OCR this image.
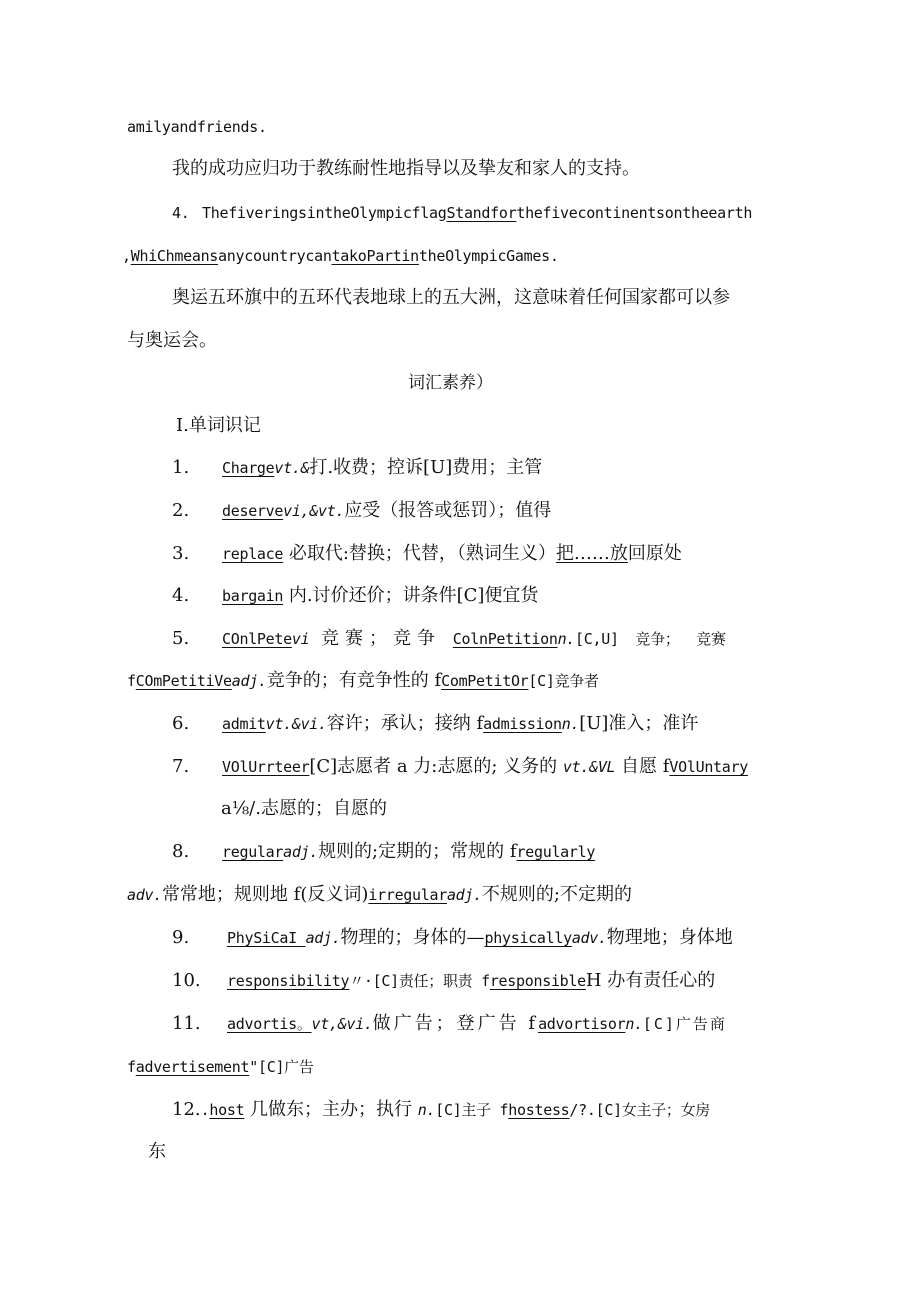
amilyandfriends.
我的成功应归功于教练耐性地指导以及挚友和家人的支持。
4. ThefiveringsintheOlympicflagStandforthefivecontinentsontheearth
,WhiChmeansanycountrycantakoPartintheOlympicGames.
奥运五环旗中的五环代表地球上的五大洲，这意味着任何国家都可以参
与奥运会。
词汇素养）
I.单词识记
1. Chargevt.&打.收费；控诉[U]费用；主管
2. deservevi,&vt.应受（报答或惩罚）；值得
3. replace 必取代:替换；代替，（熟词生义）把……放回原处
4. bargain 内.讨价还价；讲条件[C]便宜货
5. COnlPetevi 竞赛；竞争 ColnPetitionn.[C,U] 竞争； 竞赛
fCOmPetitiVeadj.竞争的；有竞争性的 fComPetitOr[C]竞争者
6. admitvt.&vi.容许；承认；接纳 fadmissionn.[U]准入；准许
7. VOlUrrteer[C]志愿者 a 力:志愿的; 义务的 vt.&VL 自愿 fVOlUntary
a⅛/.志愿的；自愿的
8. regularadj.规则的;定期的；常规的 fregularly
adv.常常地；规则地 f(反义词)irregularadj.不规则的;不定期的
9.	PhySiCaI adj.物理的；身体的—physicallyadv.物理地；身体地
10. responsibility〃·[C]责任；职责 fresponsibleH 办有责任心的
11. advortis。vt,&vi.做广告；登广告 fadvortisorn.[C]广告商
fadvertisement"[C]广告
12..host 几做东；主办；执行 n.[C]主子 fhostess/?.[C]女主子；女房
东
